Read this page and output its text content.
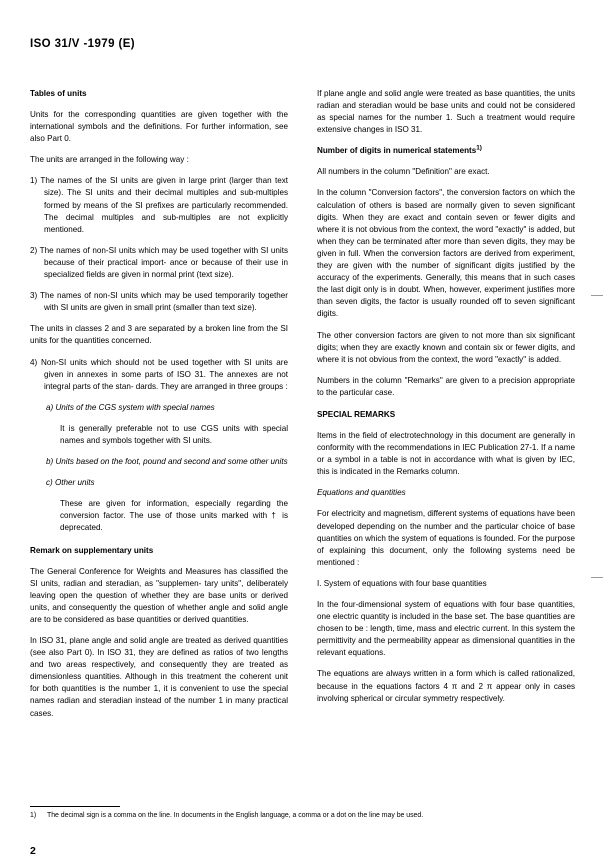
ISO 31/V -1979 (E)
Tables of units

Units for the corresponding quantities are given together with the international symbols and the definitions. For further information, see also Part 0.

The units are arranged in the following way :

1) The names of the SI units are given in large print (larger than text size). The SI units and their decimal multiples and sub-multiples formed by means of the SI prefixes are particularly recommended. The decimal multiples and sub-multiples are not explicitly mentioned.

2) The names of non-SI units which may be used together with SI units because of their practical import- ance or because of their use in specialized fields are given in normal print (text size).

3) The names of non-SI units which may be used temporarily together with SI units are given in small print (smaller than text size).

The units in classes 2 and 3 are separated by a broken line from the SI units for the quantities concerned.

4) Non-SI units which should not be used together with SI units are given in annexes in some parts of ISO 31. The annexes are not integral parts of the stan- dards. They are arranged in three groups :

a) Units of the CGS system with special names

It is generally preferable not to use CGS units with special names and symbols together with SI units.

b) Units based on the foot, pound and second and some other units

c) Other units

These are given for information, especially regarding the conversion factor. The use of those units marked with † is deprecated.

Remark on supplementary units

The General Conference for Weights and Measures has classified the SI units, radian and steradian, as "supplemen- tary units", deliberately leaving open the question of whether they are base units or derived units, and consequently the question of whether angle and solid angle are to be considered as base quantities or derived quantities.

In ISO 31, plane angle and solid angle are treated as derived quantities (see also Part 0). In ISO 31, they are defined as ratios of two lengths and two areas respectively, and consequently they are treated as dimensionless quantities. Although in this treatment the coherent unit for both quantities is the number 1, it is convenient to use the special names radian and steradian instead of the number 1 in many practical cases.

If plane angle and solid angle were treated as base quantities, the units radian and steradian would be base units and could not be considered as special names for the number 1. Such a treatment would require extensive changes in ISO 31.

Number of digits in numerical statements$^{1)}$

All numbers in the column "Definition" are exact.

In the column "Conversion factors", the conversion factors on which the calculation of others is based are normally given to seven significant digits. When they are exact and contain seven or fewer digits and where it is not obvious from the context, the word "exactly" is added, but when they can be terminated after more than seven digits, they may be given in full. When the conversion factors are derived from experiment, they are given with the number of significant digits justified by the accuracy of the experiments. Generally, this means that in such cases the last digit only is in doubt. When, however, experiment justifies more than seven digits, the factor is usually rounded off to seven significant digits.

The other conversion factors are given to not more than six significant digits; when they are exactly known and contain six or fewer digits, and where it is not obvious from the context, the word "exactly" is added.

Numbers in the column "Remarks" are given to a precision appropriate to the particular case.

SPECIAL REMARKS

Items in the field of electrotechnology in this document are generally in conformity with the recommendations in IEC Publication 27-1. If a name or a symbol in a table is not in accordance with what is given by IEC, this is indicated in the Remarks column.

Equations and quantities

For electricity and magnetism, different systems of equations have been developed depending on the number and the particular choice of base quantities on which the system of equations is founded. For the purpose of explaining this document, only the following systems need be mentioned :

I. System of equations with four base quantities

In the four-dimensional system of equations with four base quantities, one electric quantity is included in the base set. The base quantities are chosen to be : length, time, mass and electric current. In this system the permittivity and the permeability appear as dimensional quantities in the relevant equations.

The equations are always written in a form which is called rationalized, because in the equations factors 4 π and 2 π appear only in cases involving spherical or circular symmetry respectively.

1) The decimal sign is a comma on the line. In documents in the English language, a comma or a dot on the line may be used.
2
